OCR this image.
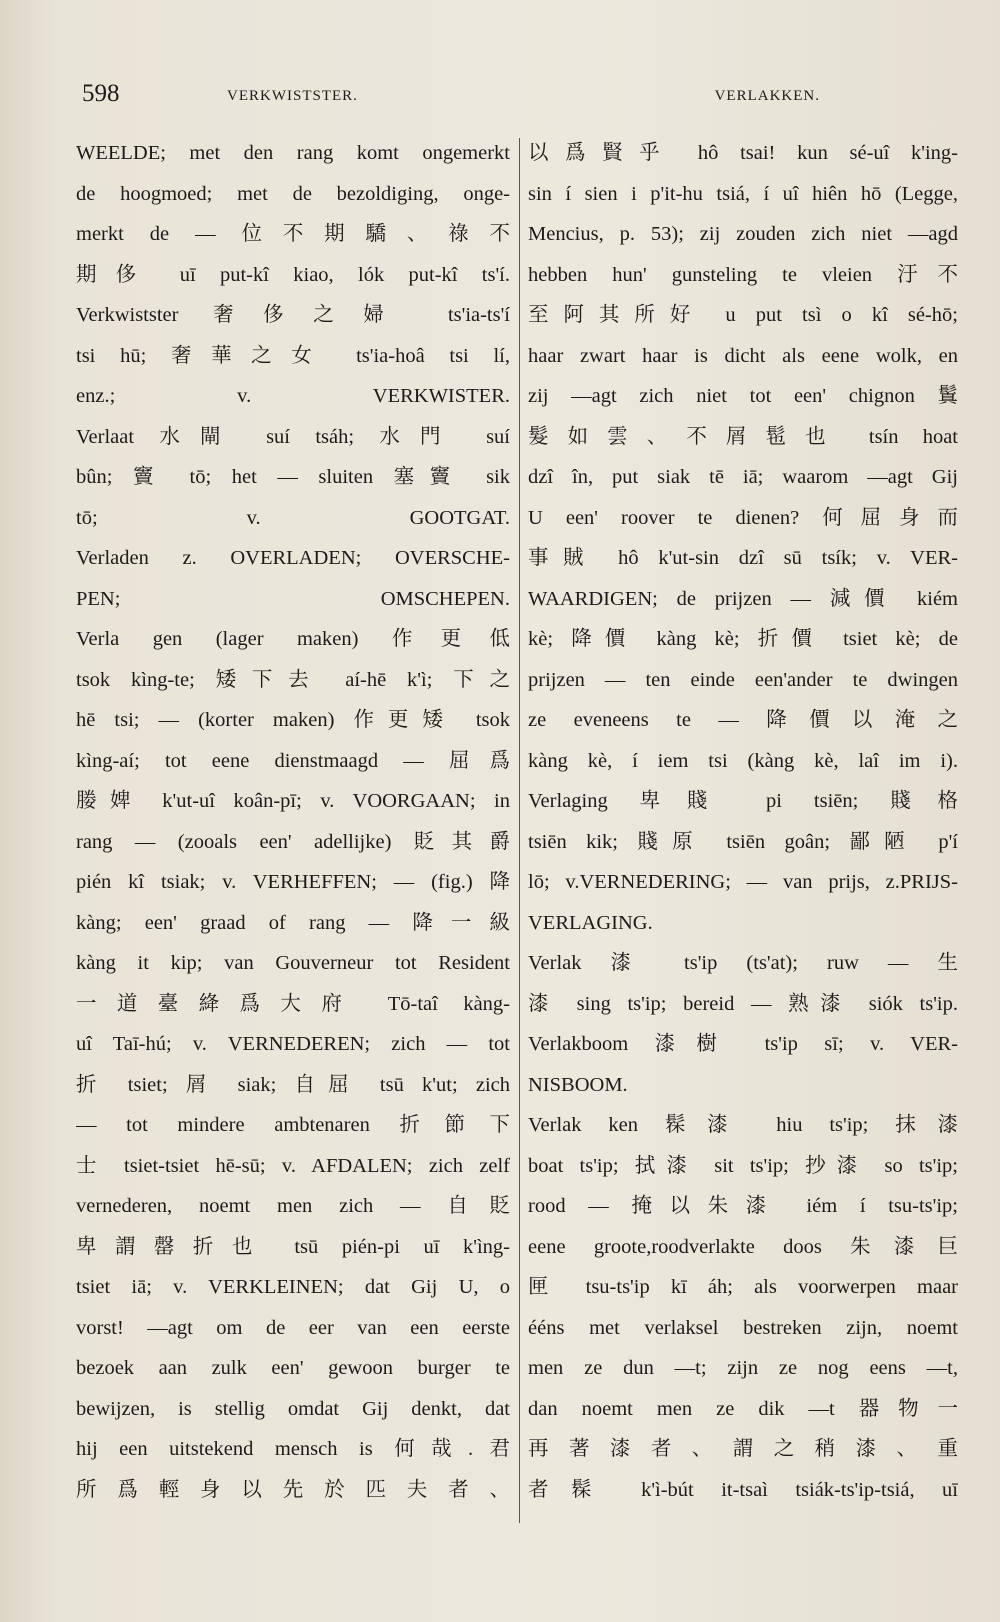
598	VERKWISTSTER.	VERLAKKEN.
WEELDE; met den rang komt ongemerkt
de hoogmoed; met de bezoldiging, onge-
merkt de — 位不期驕、祿不
期侈 uī put-kî kiao, lók put-kî ts'í.
Verkwistster 奢侈之婦 ts'ia-ts'í
tsi hū; 奢華之女 ts'ia-hoâ tsi lí,
enz.; v. VERKWISTER.
Verlaat 水閘 suí tsáh; 水門 suí
bûn; 竇 tō; het — sluiten 塞竇 sik
tō; v. GOOTGAT.
Verladen z. OVERLADEN; OVERSCHE-
PEN; OMSCHEPEN.
Verla gen (lager maken) 作更低
tsok kìng-te; 矮下去 aí-hē k'ì; 下之
hē tsi; — (korter maken) 作更矮 tsok
kìng-aí; tot eene dienstmaagd — 屈爲
媵婢 k'ut-uî koân-pī; v. VOORGAAN; in
rang — (zooals een' adellijke) 貶其爵
pién kî tsiak; v. VERHEFFEN; — (fig.) 降
kàng; een' graad of rang — 降一級
kàng it kip; van Gouverneur tot Resident
一道臺絳爲大府 Tō-taî kàng-
uî Taī-hú; v. VERNEDEREN; zich — tot
折 tsiet; 屑 siak; 自屈 tsū k'ut; zich
— tot mindere ambtenaren 折節下
士 tsiet-tsiet hē-sū; v. AFDALEN; zich zelf
vernederen, noemt men zich — 自貶
卑謂罄折也 tsū pién-pi uī k'ìng-
tsiet iā; v. VERKLEINEN; dat Gij U, o
vorst! —agt om de eer van een eerste
bezoek aan zulk een' gewoon burger te
bewijzen, is stellig omdat Gij denkt, dat
hij een uitstekend mensch is 何哉.君
所爲輕身以先於匹夫者、
以爲賢乎 hô tsai! kun sé-uî k'ing-
sin í sien i p'it-hu tsiá, í uî hiên hō (Legge,
Mencius, p. 53); zij zouden zich niet —agd
hebben hun' gunsteling te vleien 汙不
至阿其所好 u put tsì o kî sé-hō;
haar zwart haar is dicht als eene wolk, en
zij —agt zich niet tot een' chignon 鬒
髮如雲、不屑髢也 tsín hoat
dzî în, put siak tē iā; waarom —agt Gij
U een' roover te dienen? 何屈身而
事賊 hô k'ut-sin dzî sū tsík; v. VER-
WAARDIGEN; de prijzen — 減價 kiém
kè; 降價 kàng kè; 折價 tsiet kè; de
prijzen — ten einde een'ander te dwingen
ze eveneens te — 降價以淹之
kàng kè, í iem tsi (kàng kè, laî im i).
Verlaging 卑賤 pi tsiēn; 賤格
tsiēn kik; 賤原 tsiēn goân; 鄙陋 p'í
lō; v.VERNEDERING; — van prijs, z.PRIJS-
VERLAGING.
Verlak 漆 ts'ip (ts'at); ruw — 生
漆 sing ts'ip; bereid — 熟漆 siók ts'ip.
Verlakboom 漆樹 ts'ip sī; v. VER-
NISBOOM.
Verlak ken 髹漆 hiu ts'ip; 抹漆
boat ts'ip; 拭漆 sit ts'ip; 抄漆 so ts'ip;
rood — 掩以朱漆 iém í tsu-ts'ip;
eene groote,roodverlakte doos 朱漆巨
匣 tsu-ts'ip kī áh; als voorwerpen maar
ééns met verlaksel bestreken zijn, noemt
men ze dun —t; zijn ze nog eens —t,
dan noemt men ze dik —t 器物一
再著漆者、謂之稍漆、重
者髹 k'ì-bút it-tsaì tsiák-ts'ip-tsiá, uī
